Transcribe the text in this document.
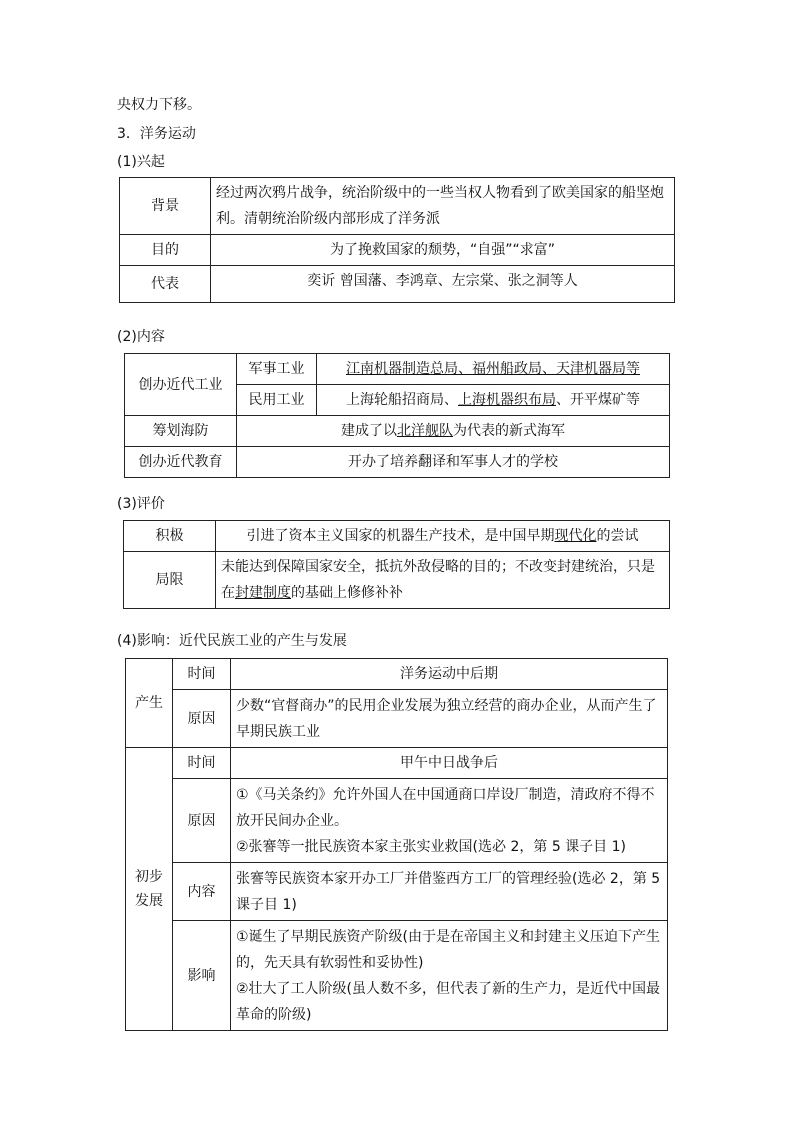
央权力下移。
3．洋务运动
(1)兴起
背景	经过两次鸦片战争，统治阶级中的一些当权人物看到了欧美国家的船坚炮利。清朝统治阶级内部形成了洋务派
目的	为了挽救国家的颓势，“自强”“求富”
代表	奕䜣 曾国藩、李鸿章、左宗棠、张之洞等人
(2)内容
创办近代工业	军事工业	江南机器制造总局、福州船政局、天津机器局等
	民用工业	上海轮船招商局、上海机器织布局、开平煤矿等
筹划海防	建成了以北洋舰队为代表的新式海军	
创办近代教育	开办了培养翻译和军事人才的学校	
(3)评价
积极	引进了资本主义国家的机器生产技术，是中国早期现代化的尝试
局限	未能达到保障国家安全，抵抗外敌侵略的目的；不改变封建统治，只是在封建制度的基础上修修补补
(4)影响：近代民族工业的产生与发展
产生	时间	洋务运动中后期
	原因	少数“官督商办”的民用企业发展为独立经营的商办企业，从而产生了早期民族工业

初步发展	时间	甲午中日战争后
	原因	①《马关条约》允许外国人在中国通商口岸设厂制造，清政府不得不放开民间办企业。
②张謇等一批民族资本家主张实业救国(选必 2，第 5 课子目 1)

	内容	张謇等民族资本家开办工厂并借鉴西方工厂的管理经验(选必 2，第 5 课子目 1)
	影响	①诞生了早期民族资产阶级(由于是在帝国主义和封建主义压迫下产生的，先天具有软弱性和妥协性)
②壮大了工人阶级(虽人数不多，但代表了新的生产力，是近代中国最革命的阶级)
